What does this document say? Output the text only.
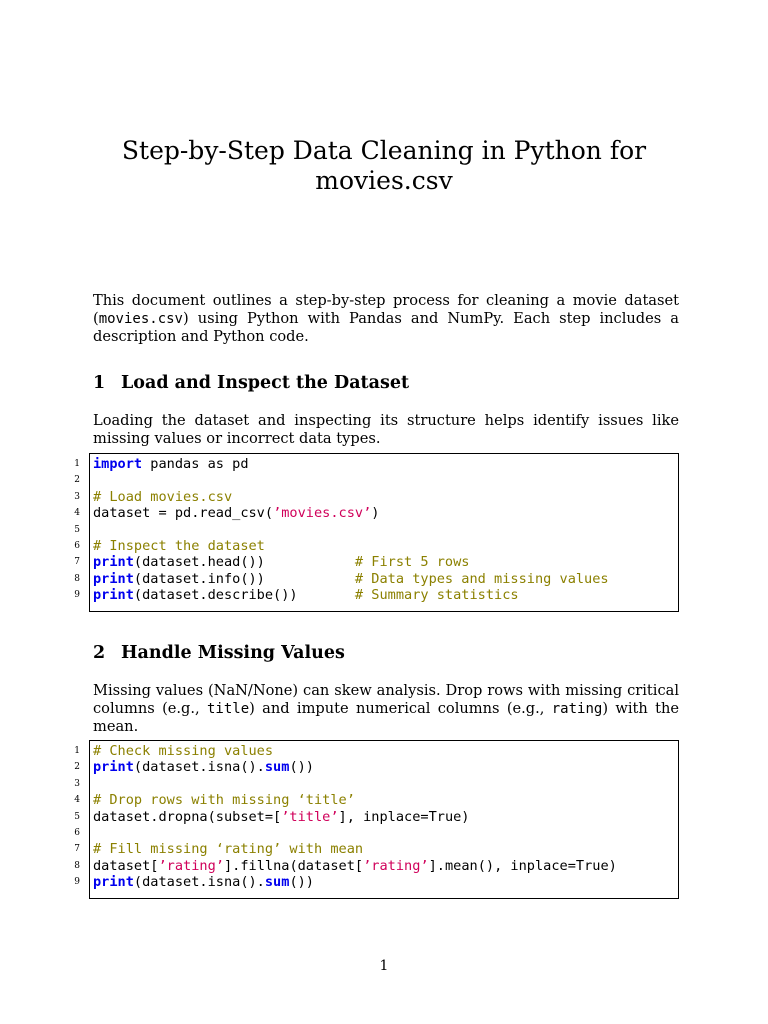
Step-by-Step Data Cleaning in Python for
movies.csv
This document outlines a step-by-step process for cleaning a movie dataset (movies.csv) using Python with Pandas and NumPy. Each step includes a description and Python code.
1 Load and Inspect the Dataset
Loading the dataset and inspecting its structure helps identify issues like missing values or incorrect data types.
1 import pandas as pd
2
3 # Load movies.csv
4 dataset = pd.read_csv(’movies.csv’)
5
6 # Inspect the dataset
7 print(dataset.head())           # First 5 rows
8 print(dataset.info())           # Data types and missing values
9 print(dataset.describe())       # Summary statistics
2 Handle Missing Values
Missing values (NaN/None) can skew analysis. Drop rows with missing critical columns (e.g., title) and impute numerical columns (e.g., rating) with the mean.
1 # Check missing values
2 print(dataset.isna().sum())
3
4 # Drop rows with missing ‘title’
5 dataset.dropna(subset=[’title’], inplace=True)
6
7 # Fill missing ‘rating’ with mean
8 dataset[’rating’].fillna(dataset[’rating’].mean(), inplace=True)
9 print(dataset.isna().sum())
1
